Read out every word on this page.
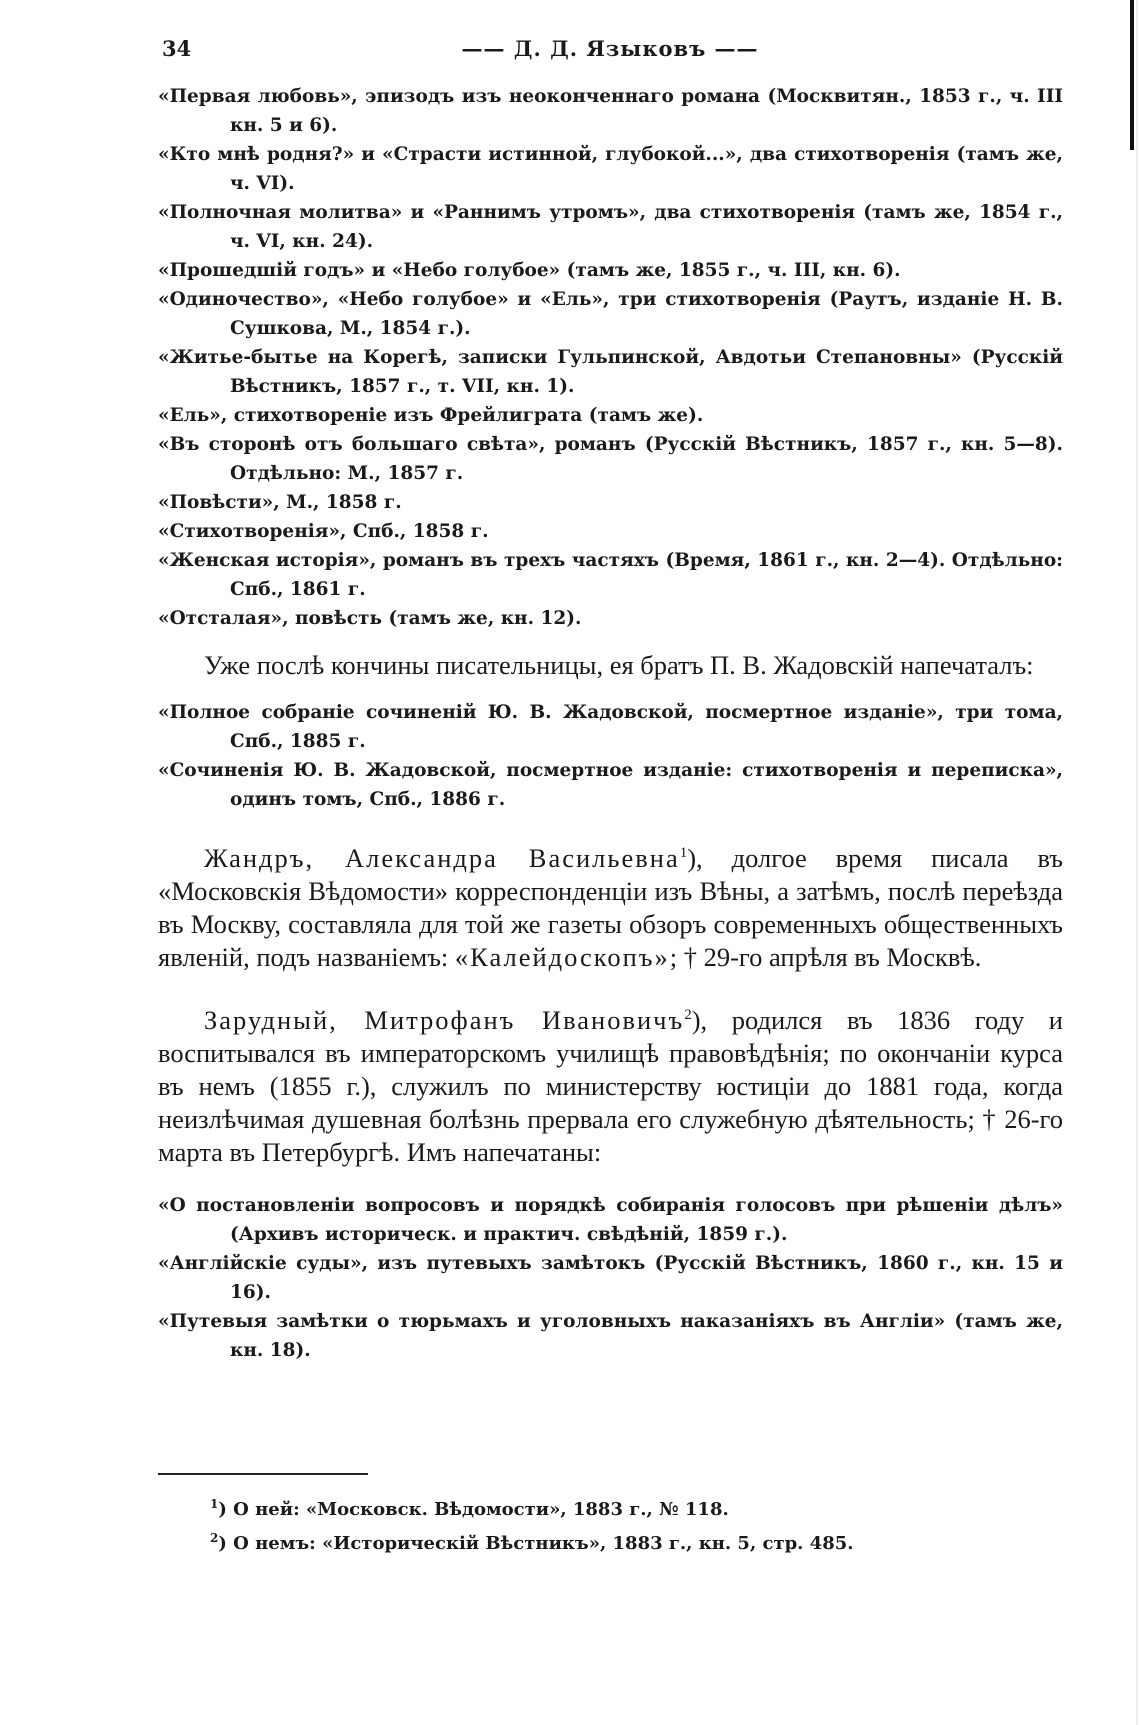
34	—— Д. Д. Языковъ ——

«Первая любовь», эпизодъ изъ неоконченнаго романа (Москвитян., 1853 г., ч. III кн. 5 и 6).

«Кто мнѣ родня?» и «Страсти истинной, глубокой...», два стихотворенія (тамъ же, ч. VI).

«Полночная молитва» и «Раннимъ утромъ», два стихотворенія (тамъ же, 1854 г., ч. VI, кн. 24).

«Прошедшій годъ» и «Небо голубое» (тамъ же, 1855 г., ч. III, кн. 6).

«Одиночество», «Небо голубое» и «Ель», три стихотворенія (Раутъ, изданіе Н. В. Сушкова, М., 1854 г.).

«Житье-бытье на Корегѣ, записки Гульпинской, Авдотьи Степановны» (Русскій Вѣстникъ, 1857 г., т. VII, кн. 1).

«Ель», стихотвореніе изъ Фрейлиграта (тамъ же).

«Въ сторонѣ отъ большаго свѣта», романъ (Русскій Вѣстникъ, 1857 г., кн. 5—8). Отдѣльно: М., 1857 г.

«Повѣсти», М., 1858 г.

«Стихотворенія», Спб., 1858 г.

«Женская исторія», романъ въ трехъ частяхъ (Время, 1861 г., кн. 2—4). Отдѣльно: Спб., 1861 г.

«Отсталая», повѣсть (тамъ же, кн. 12).

Уже послѣ кончины писательницы, ея братъ П. В. Жадовскій напечаталъ:

«Полное собраніе сочиненій Ю. В. Жадовской, посмертное изданіе», три тома, Спб., 1885 г.

«Сочиненія Ю. В. Жадовской, посмертное изданіе: стихотворенія и переписка», одинъ томъ, Спб., 1886 г.

Жандръ, Александра Васильевна$^1$), долгое время писала въ «Московскія Вѣдомости» корреспонденціи изъ Вѣны, а затѣмъ, послѣ переѣзда въ Москву, составляла для той же газеты обзоръ современныхъ общественныхъ явленій, подъ названіемъ: «Калейдоскопъ»; † 29-го апрѣля въ Москвѣ.

Зарудный, Митрофанъ Ивановичъ$^2$), родился въ 1836 году и воспитывался въ императорскомъ училищѣ правовѣдѣнія; по окончаніи курса въ немъ (1855 г.), служилъ по министерству юстиціи до 1881 года, когда неизлѣчимая душевная болѣзнь прервала его служебную дѣятельность; † 26-го марта въ Петербургѣ. Имъ напечатаны:

«О постановленіи вопросовъ и порядкѣ собиранія голосовъ при рѣшеніи дѣлъ» (Архивъ историческ. и практич. свѣдѣній, 1859 г.).

«Англійскіе суды», изъ путевыхъ замѣтокъ (Русскій Вѣстникъ, 1860 г., кн. 15 и 16).

«Путевыя замѣтки о тюрьмахъ и уголовныхъ наказаніяхъ въ Англіи» (тамъ же, кн. 18).

$^1$) О ней: «Московск. Вѣдомости», 1883 г., № 118.

$^2$) О немъ: «Историческій Вѣстникъ», 1883 г., кн. 5, стр. 485.
